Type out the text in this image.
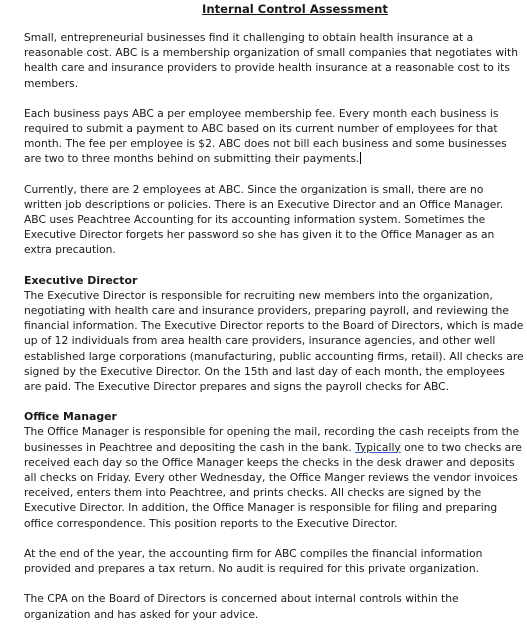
Internal Control Assessment

Small, entrepreneurial businesses find it challenging to obtain health insurance at a reasonable cost. ABC is a membership organization of small companies that negotiates with health care and insurance providers to provide health insurance at a reasonable cost to its members.

Each business pays ABC a per employee membership fee. Every month each business is required to submit a payment to ABC based on its current number of employees for that month. The fee per employee is $2. ABC does not bill each business and some businesses are two to three months behind on submitting their payments.

Currently, there are 2 employees at ABC. Since the organization is small, there are no written job descriptions or policies. There is an Executive Director and an Office Manager. ABC uses Peachtree Accounting for its accounting information system. Sometimes the Executive Director forgets her password so she has given it to the Office Manager as an extra precaution.

Executive Director

The Executive Director is responsible for recruiting new members into the organization, negotiating with health care and insurance providers, preparing payroll, and reviewing the financial information. The Executive Director reports to the Board of Directors, which is made up of 12 individuals from area health care providers, insurance agencies, and other well established large corporations (manufacturing, public accounting firms, retail). All checks are signed by the Executive Director. On the 15th and last day of each month, the employees are paid. The Executive Director prepares and signs the payroll checks for ABC.

Office Manager

The Office Manager is responsible for opening the mail, recording the cash receipts from the businesses in Peachtree and depositing the cash in the bank. Typically one to two checks are received each day so the Office Manager keeps the checks in the desk drawer and deposits all checks on Friday. Every other Wednesday, the Office Manger reviews the vendor invoices received, enters them into Peachtree, and prints checks. All checks are signed by the Executive Director. In addition, the Office Manager is responsible for filing and preparing office correspondence. This position reports to the Executive Director.

At the end of the year, the accounting firm for ABC compiles the financial information provided and prepares a tax return. No audit is required for this private organization.

The CPA on the Board of Directors is concerned about internal controls within the organization and has asked for your advice.
